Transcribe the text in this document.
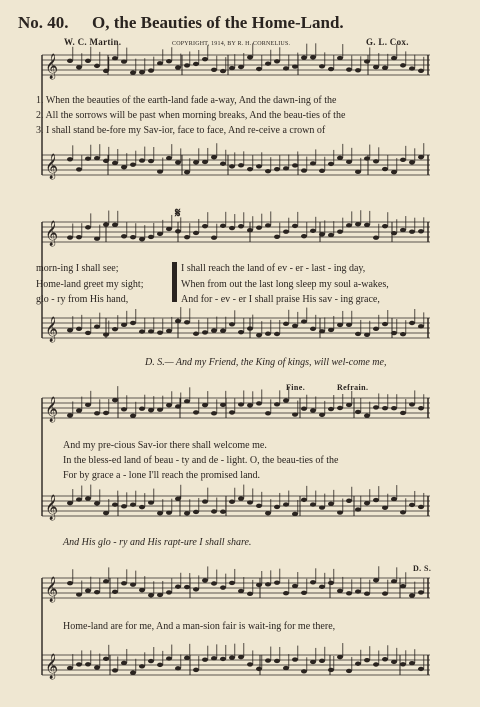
𝄞
𝄞
𝄞
𝄞
𝄞
𝄞
𝄞
𝄞
No. 40. O, the Beauties of the Home-Land.
W. C. Martin.	COPYRIGHT, 1914, BY R. H. CORNELIUS.	G. L. Cox.
1. When the beauties of the earth-land fade a-way, And the dawn-ing of the
2. All the sorrows will be past when morning breaks, And the beau-ties of the
3. I shall stand be-fore my Sav-ior, face to face, And re-ceive a crown of
𝄋
morn-ing I shall see;
Home-land greet my sight;
glo - ry from His hand,
I shall reach the land of ev - er - last - ing day,
When from out the last long sleep my soul a-wakes,
And for - ev - er I shall praise His sav - ing grace,
D. S.— And my Friend, the King of kings, will wel-come me,
Fine.	Refrain.
And my pre-cious Sav-ior there shall welcome me.
In the bless-ed land of beau - ty and de - light. O, the beau-ties of the
For by grace a - lone I'll reach the promised land.
And His glo - ry and His rapt-ure I shall share.
D. S.
Home-land are for me, And a man-sion fair is wait-ing for me there,
